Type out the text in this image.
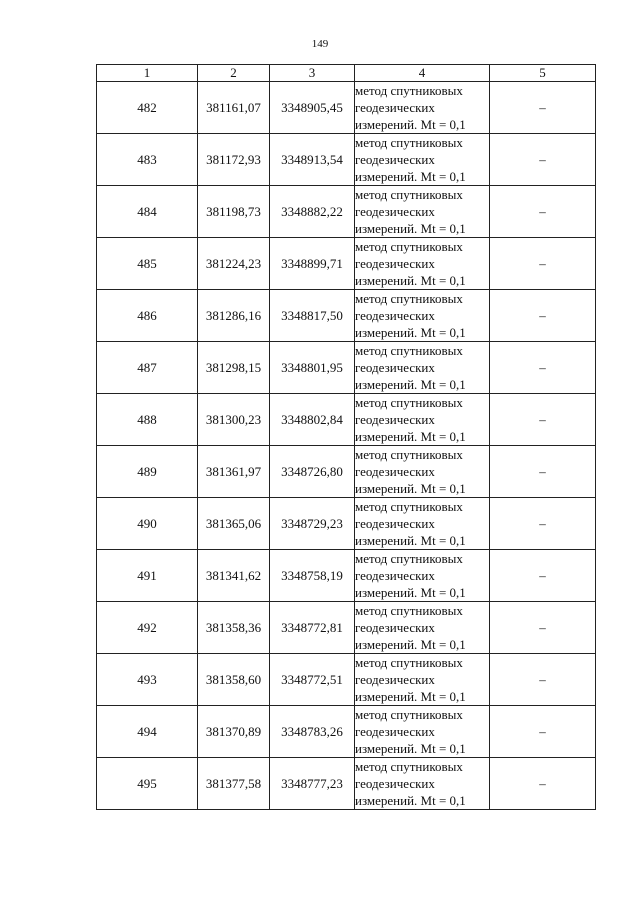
149
1	2	3	4	5
482	381161,07	3348905,45	метод спутниковых
геодезических
измерений. Mt = 0,1	–
483	381172,93	3348913,54	метод спутниковых
геодезических
измерений. Mt = 0,1	–
484	381198,73	3348882,22	метод спутниковых
геодезических
измерений. Mt = 0,1	–
485	381224,23	3348899,71	метод спутниковых
геодезических
измерений. Mt = 0,1	–
486	381286,16	3348817,50	метод спутниковых
геодезических
измерений. Mt = 0,1	–
487	381298,15	3348801,95	метод спутниковых
геодезических
измерений. Mt = 0,1	–
488	381300,23	3348802,84	метод спутниковых
геодезических
измерений. Mt = 0,1	–
489	381361,97	3348726,80	метод спутниковых
геодезических
измерений. Mt = 0,1	–
490	381365,06	3348729,23	метод спутниковых
геодезических
измерений. Mt = 0,1	–
491	381341,62	3348758,19	метод спутниковых
геодезических
измерений. Mt = 0,1	–
492	381358,36	3348772,81	метод спутниковых
геодезических
измерений. Mt = 0,1	–
493	381358,60	3348772,51	метод спутниковых
геодезических
измерений. Mt = 0,1	–
494	381370,89	3348783,26	метод спутниковых
геодезических
измерений. Mt = 0,1	–
495	381377,58	3348777,23	метод спутниковых
геодезических
измерений. Mt = 0,1	–
